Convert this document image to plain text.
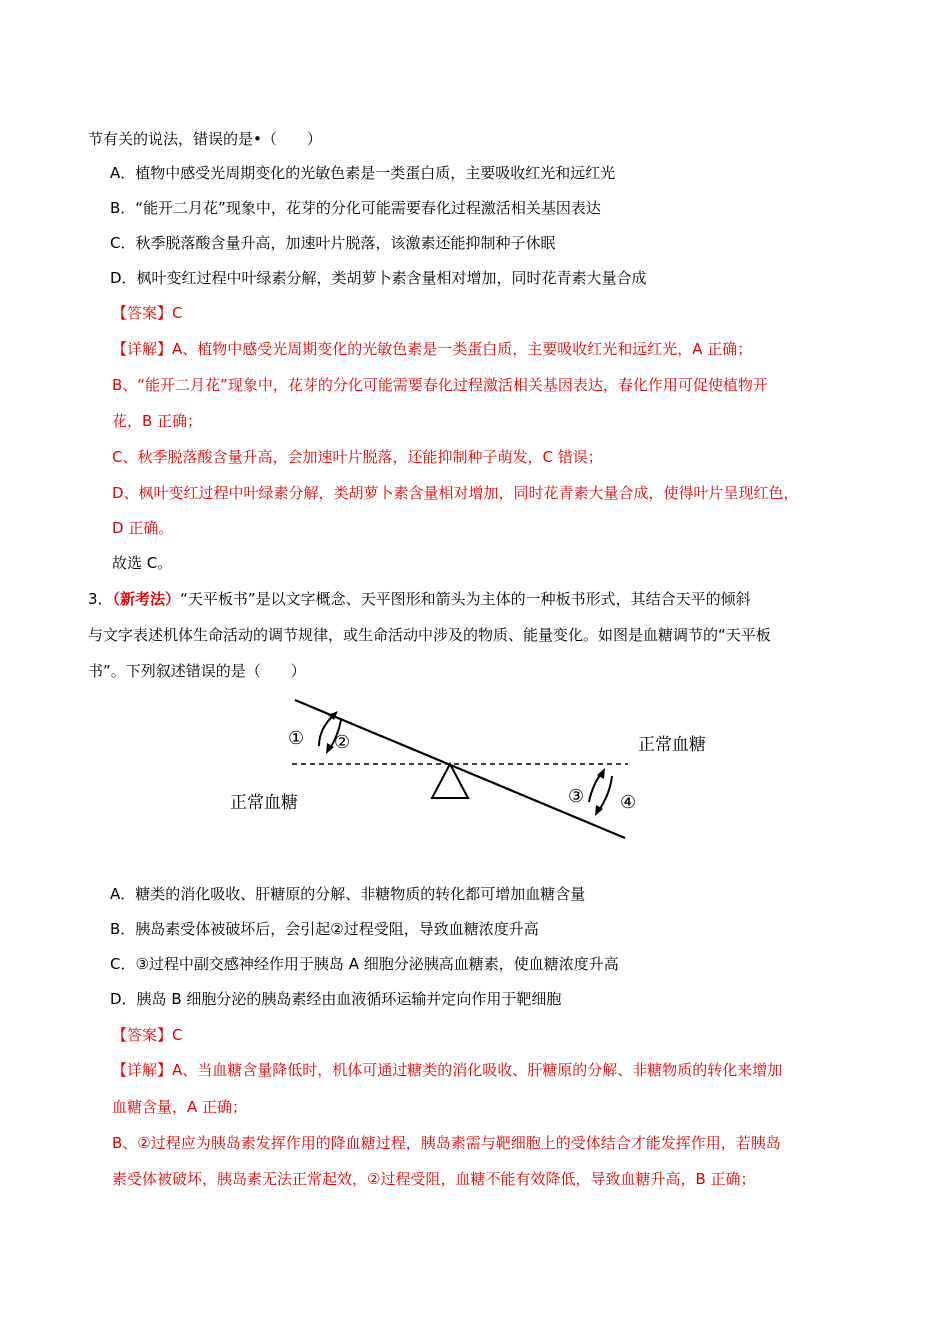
节有关的说法，错误的是•（　　）
A．植物中感受光周期变化的光敏色素是一类蛋白质，主要吸收红光和远红光
B．“能开二月花”现象中，花芽的分化可能需要春化过程激活相关基因表达
C．秋季脱落酸含量升高，加速叶片脱落，该激素还能抑制种子休眠
D．枫叶变红过程中叶绿素分解，类胡萝卜素含量相对增加，同时花青素大量合成
【答案】C
【详解】A、植物中感受光周期变化的光敏色素是一类蛋白质，主要吸收红光和远红光，A 正确；
B、“能开二月花”现象中，花芽的分化可能需要春化过程激活相关基因表达，春化作用可促使植物开
花，B 正确；
C、秋季脱落酸含量升高，会加速叶片脱落，还能抑制种子萌发，C 错误；
D、枫叶变红过程中叶绿素分解，类胡萝卜素含量相对增加，同时花青素大量合成，使得叶片呈现红色，
D 正确。
故选 C。
3．（新考法）“天平板书”是以文字概念、天平图形和箭头为主体的一种板书形式，其结合天平的倾斜
与文字表述机体生命活动的调节规律，或生命活动中涉及的物质、能量变化。如图是血糖调节的“天平板
书”。下列叙述错误的是（　　）
① ②
③ ④
正常血糖
正常血糖
A．糖类的消化吸收、肝糖原的分解、非糖物质的转化都可增加血糖含量
B．胰岛素受体被破坏后，会引起②过程受阻，导致血糖浓度升高
C．③过程中副交感神经作用于胰岛 A 细胞分泌胰高血糖素，使血糖浓度升高
D．胰岛 B 细胞分泌的胰岛素经由血液循环运输并定向作用于靶细胞
【答案】C
【详解】A、当血糖含量降低时，机体可通过糖类的消化吸收、肝糖原的分解、非糖物质的转化来增加
血糖含量，A 正确；
B、②过程应为胰岛素发挥作用的降血糖过程，胰岛素需与靶细胞上的受体结合才能发挥作用，若胰岛
素受体被破坏，胰岛素无法正常起效，②过程受阻，血糖不能有效降低，导致血糖升高，B 正确；
